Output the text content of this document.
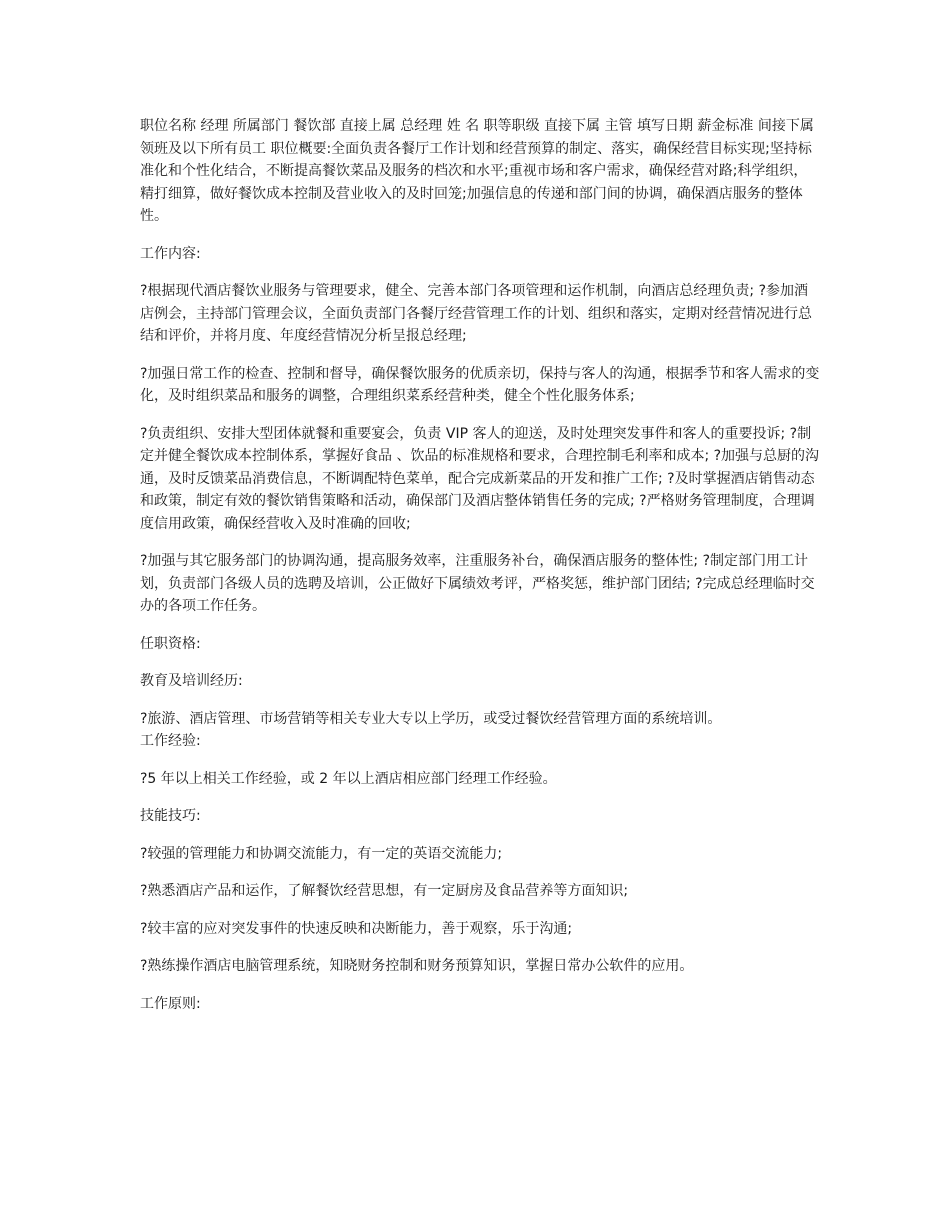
职位名称 经理 所属部门 餐饮部 直接上属 总经理 姓 名 职等职级 直接下属 主管 填写日期 薪金标准 间接下属 领班及以下所有员工 职位概要:全面负责各餐厅工作计划和经营预算的制定、落实，确保经营目标实现;坚持标准化和个性化结合，不断提高餐饮菜品及服务的档次和水平;重视市场和客户需求，确保经营对路;科学组织，精打细算，做好餐饮成本控制及营业收入的及时回笼;加强信息的传递和部门间的协调，确保酒店服务的整体性。

工作内容:

?根据现代酒店餐饮业服务与管理要求，健全、完善本部门各项管理和运作机制，向酒店总经理负责; ?参加酒店例会，主持部门管理会议，全面负责部门各餐厅经营管理工作的计划、组织和落实，定期对经营情况进行总结和评价，并将月度、年度经营情况分析呈报总经理;

?加强日常工作的检查、控制和督导，确保餐饮服务的优质亲切，保持与客人的沟通，根据季节和客人需求的变化，及时组织菜品和服务的调整，合理组织菜系经营种类，健全个性化服务体系;

?负责组织、安排大型团体就餐和重要宴会，负责 VIP 客人的迎送，及时处理突发事件和客人的重要投诉; ?制定并健全餐饮成本控制体系，掌握好食品 、饮品的标准规格和要求，合理控制毛利率和成本; ?加强与总厨的沟通，及时反馈菜品消费信息，不断调配特色菜单，配合完成新菜品的开发和推广工作; ?及时掌握酒店销售动态和政策，制定有效的餐饮销售策略和活动，确保部门及酒店整体销售任务的完成; ?严格财务管理制度，合理调度信用政策，确保经营收入及时准确的回收;

?加强与其它服务部门的协调沟通，提高服务效率，注重服务补台，确保酒店服务的整体性; ?制定部门用工计划，负责部门各级人员的选聘及培训，公正做好下属绩效考评，严格奖惩，维护部门团结; ?完成总经理临时交办的各项工作任务。

任职资格:

教育及培训经历:

?旅游、酒店管理、市场营销等相关专业大专以上学历，或受过餐饮经营管理方面的系统培训。

工作经验:

?5 年以上相关工作经验，或 2 年以上酒店相应部门经理工作经验。

技能技巧:

?较强的管理能力和协调交流能力，有一定的英语交流能力;

?熟悉酒店产品和运作，了解餐饮经营思想，有一定厨房及食品营养等方面知识;

?较丰富的应对突发事件的快速反映和决断能力，善于观察，乐于沟通;

?熟练操作酒店电脑管理系统，知晓财务控制和财务预算知识，掌握日常办公软件的应用。

工作原则:
